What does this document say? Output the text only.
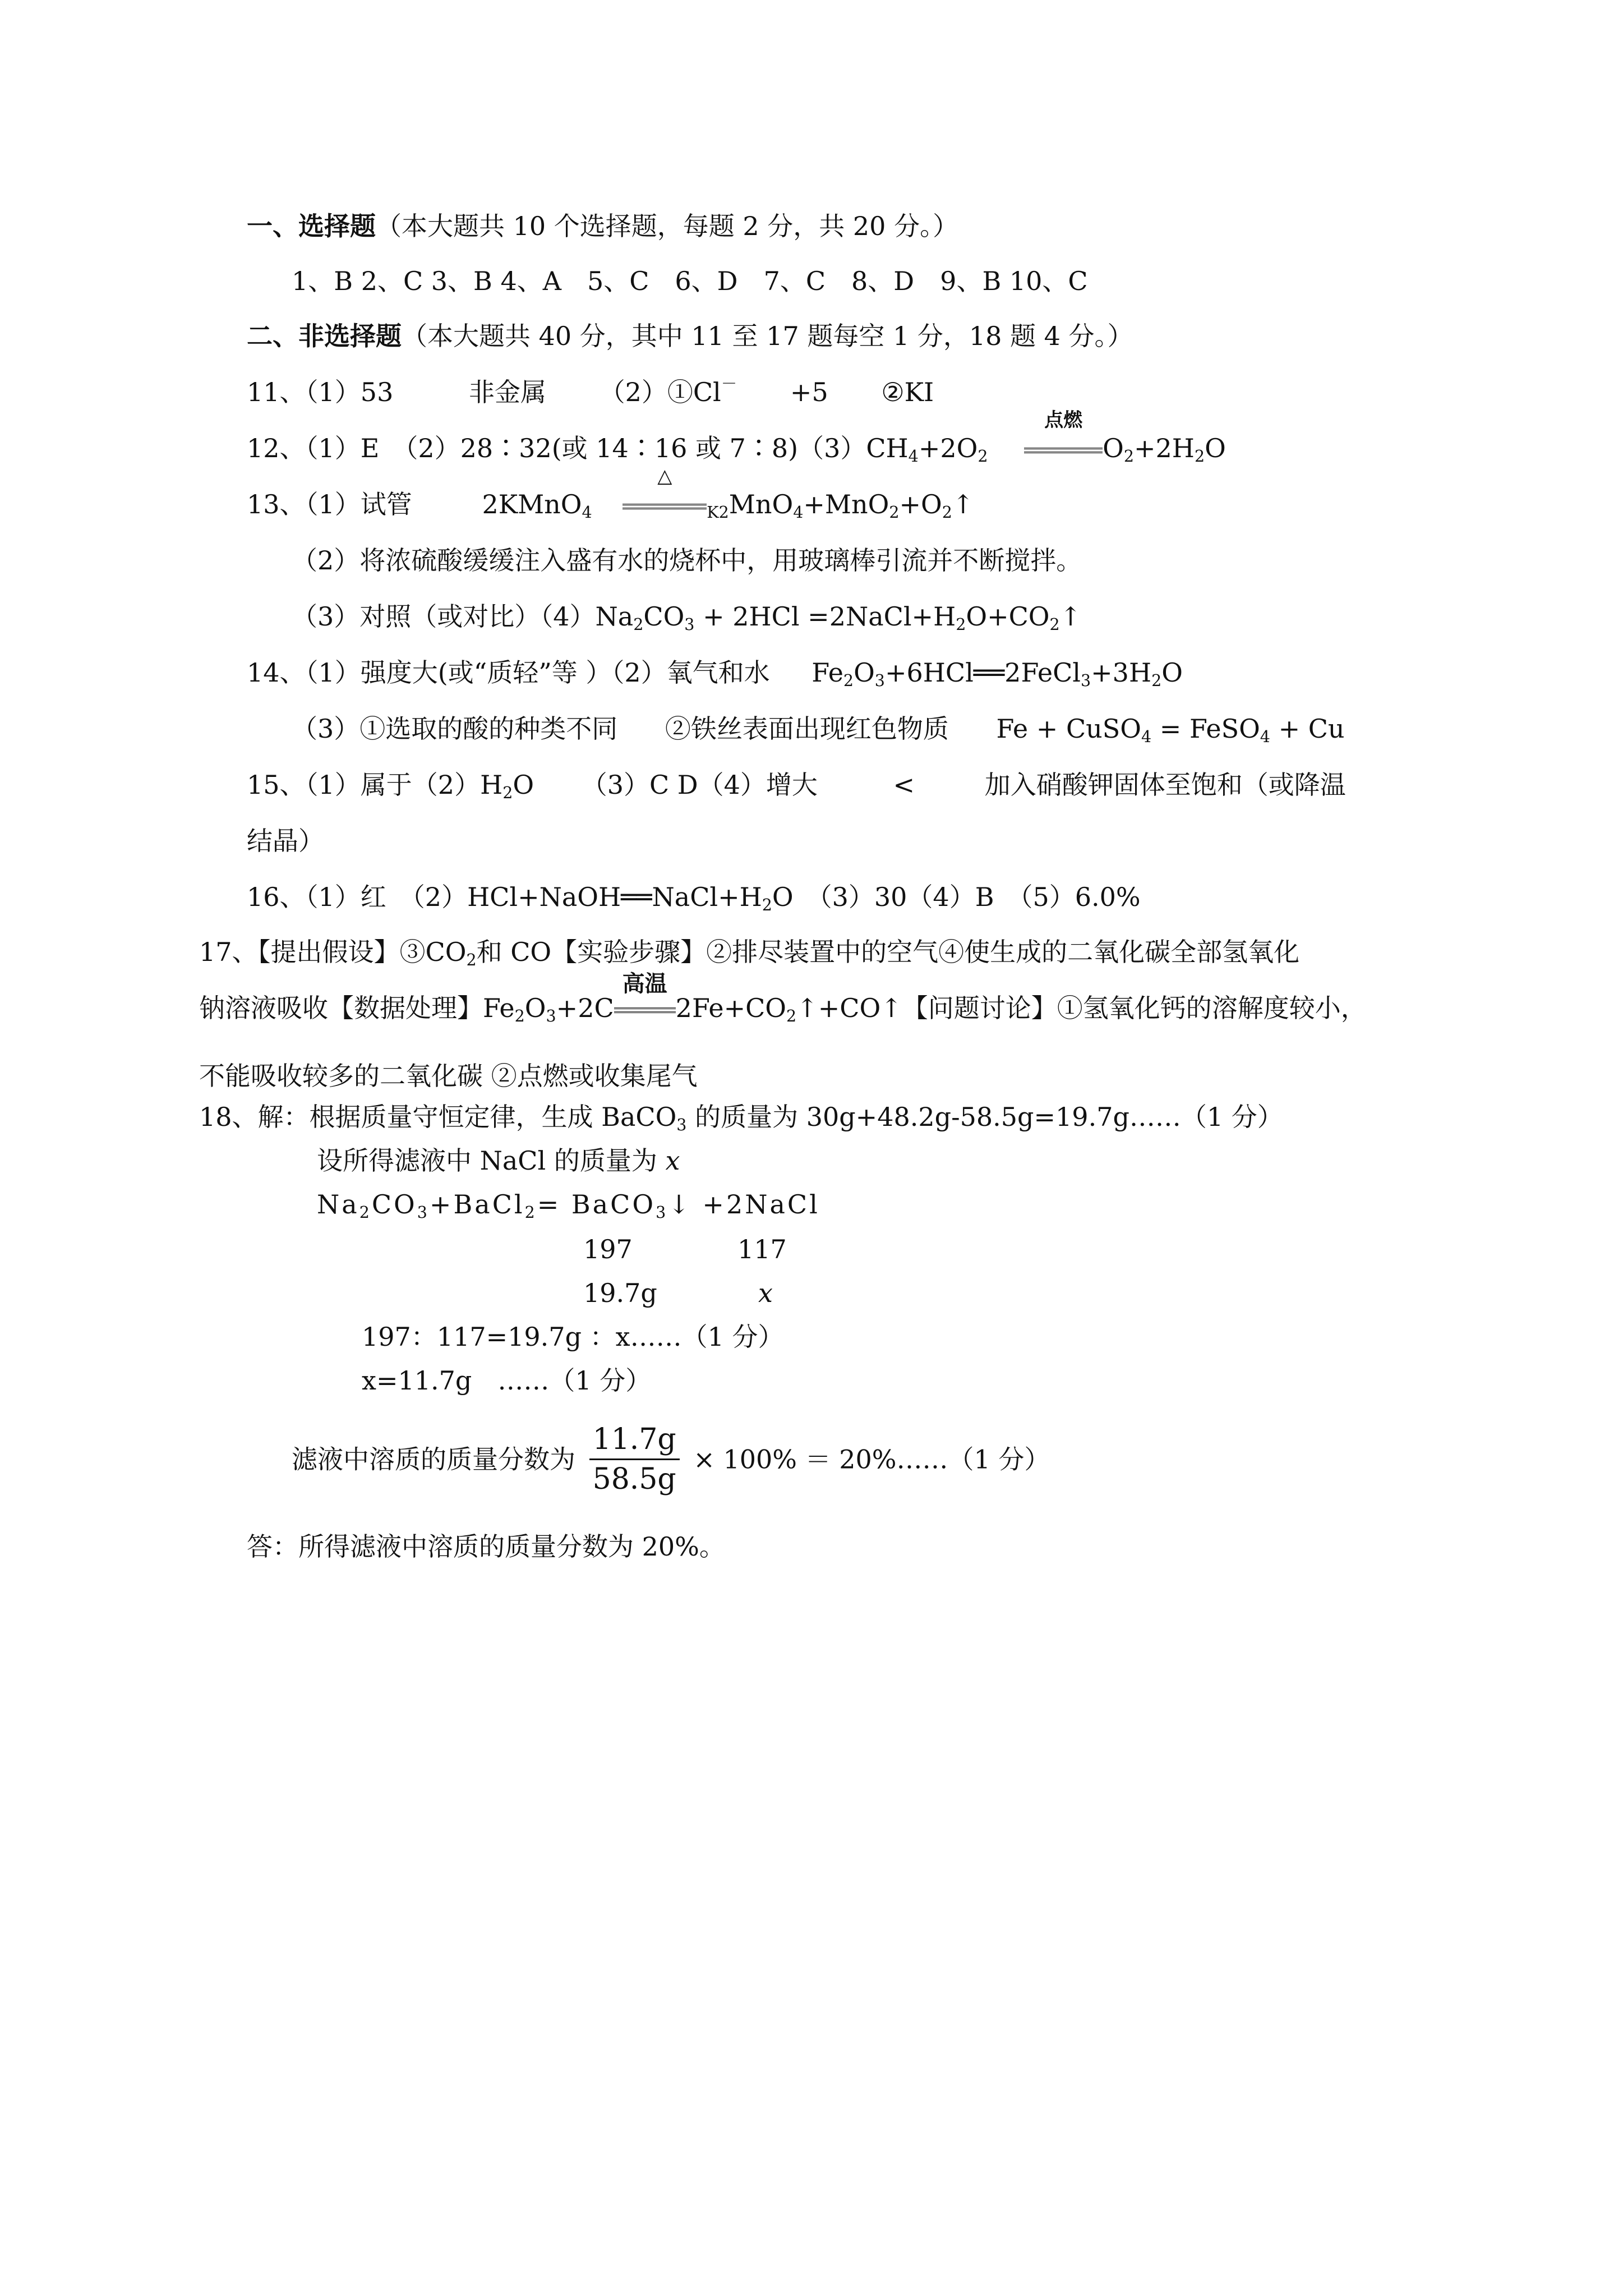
一、选择题（本大题共 10 个选择题，每题 2 分，共 20 分。）
1、B 2、C 3、B 4、A　5、C　6、D　7、C　8、D　9、B 10、C
二、非选择题（本大题共 40 分，其中 11 至 17 题每空 1 分，18 题 4 分。）
11、（1）53	非金属 （2）①Cl－ +5 ②KI
12、（1）E　（2）28∶32(或 14∶16 或 $7∶8)(3)CH_4+2O_2$
点燃
$O_2+2H_2O$
13、（1）试管	2KMnO$_4$
△
$_{K2}MnO_4+MnO_2+O_2↑$
（2）将浓硫酸缓缓注入盛有水的烧杯中，用玻璃棒引流并不断搅拌。
（3）对照（或对比）$(4)Na_2CO_3 + 2HCl$ $=2NaCl+H_2O+CO_2↑$
14、（1）强度大(或“质轻”等 ）（2）氧气和水 $Fe_2O_3+6HCl══2FeCl_3+3H_2O$
（3）①选取的酸的种类不同 ②铁丝表面出现红色物质 Fe + CuSO$_4$ = FeSO$_4$ + Cu
15、（1）属于$(2)H_2O$ （3）C D（4）增大	<	加入硝酸钾固体至饱和（或降温
结晶）
16、（1）红　$(2)HCl+NaOH══NaCl+H_2O$　（3）30（4）B　（5）6.0%
17、【提出假设】$③CO_2$和 CO【实验步骤】②排尽装置中的空气④使生成的二氧化碳全部氢氧化
钠溶液吸收【数据处理】$Fe_2O_3+2C$
高温
$2Fe+CO_2↑+CO↑$【问题讨论】①氢氧化钙的溶解度较小，
不能吸收较多的二氧化碳 ②点燃或收集尾气
18、解：根据质量守恒定律，生成 BaCO$_3$ 的质量为 30g+48.2g-58.5g=19.7g……（1 分）
设所得滤液中 NaCl 的质量为 x
$Na_2CO_3+BaCl_2=$ BaCO$_3$↓ +2NaCl
197	117
19.7g	x
197：117=19.7g ：x……（1 分）
x=11.7g　……（1 分）
滤液中溶质的质量分数为 $\frac{11.7g}{58.5g} \times 100\%$ ＝ 20%……（1 分）
答：所得滤液中溶质的质量分数为 20%。
